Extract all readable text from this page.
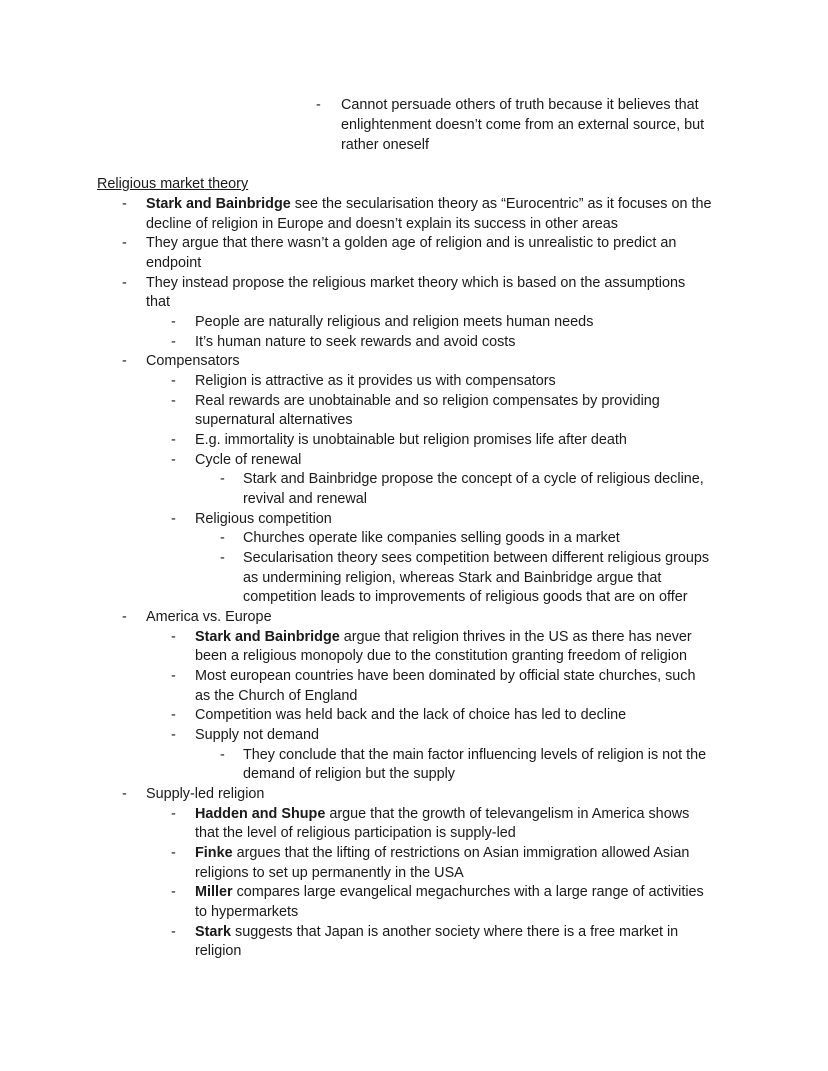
- Cannot persuade others of truth because it believes that
enlightenment doesn’t come from an external source, but
rather oneself
Religious market theory
- Stark and Bainbridge see the secularisation theory as “Eurocentric” as it focuses on the
decline of religion in Europe and doesn’t explain its success in other areas
- They argue that there wasn’t a golden age of religion and is unrealistic to predict an
endpoint
- They instead propose the religious market theory which is based on the assumptions
that
- People are naturally religious and religion meets human needs
- It’s human nature to seek rewards and avoid costs
- Compensators
- Religion is attractive as it provides us with compensators
- Real rewards are unobtainable and so religion compensates by providing
supernatural alternatives
- E.g. immortality is unobtainable but religion promises life after death
- Cycle of renewal
- Stark and Bainbridge propose the concept of a cycle of religious decline,
revival and renewal
- Religious competition
- Churches operate like companies selling goods in a market
- Secularisation theory sees competition between different religious groups
as undermining religion, whereas Stark and Bainbridge argue that
competition leads to improvements of religious goods that are on offer
- America vs. Europe
- Stark and Bainbridge argue that religion thrives in the US as there has never
been a religious monopoly due to the constitution granting freedom of religion
- Most european countries have been dominated by official state churches, such
as the Church of England
- Competition was held back and the lack of choice has led to decline
- Supply not demand
- They conclude that the main factor influencing levels of religion is not the
demand of religion but the supply
- Supply-led religion
- Hadden and Shupe argue that the growth of televangelism in America shows
that the level of religious participation is supply-led
- Finke argues that the lifting of restrictions on Asian immigration allowed Asian
religions to set up permanently in the USA
- Miller compares large evangelical megachurches with a large range of activities
to hypermarkets
- Stark suggests that Japan is another society where there is a free market in
religion
